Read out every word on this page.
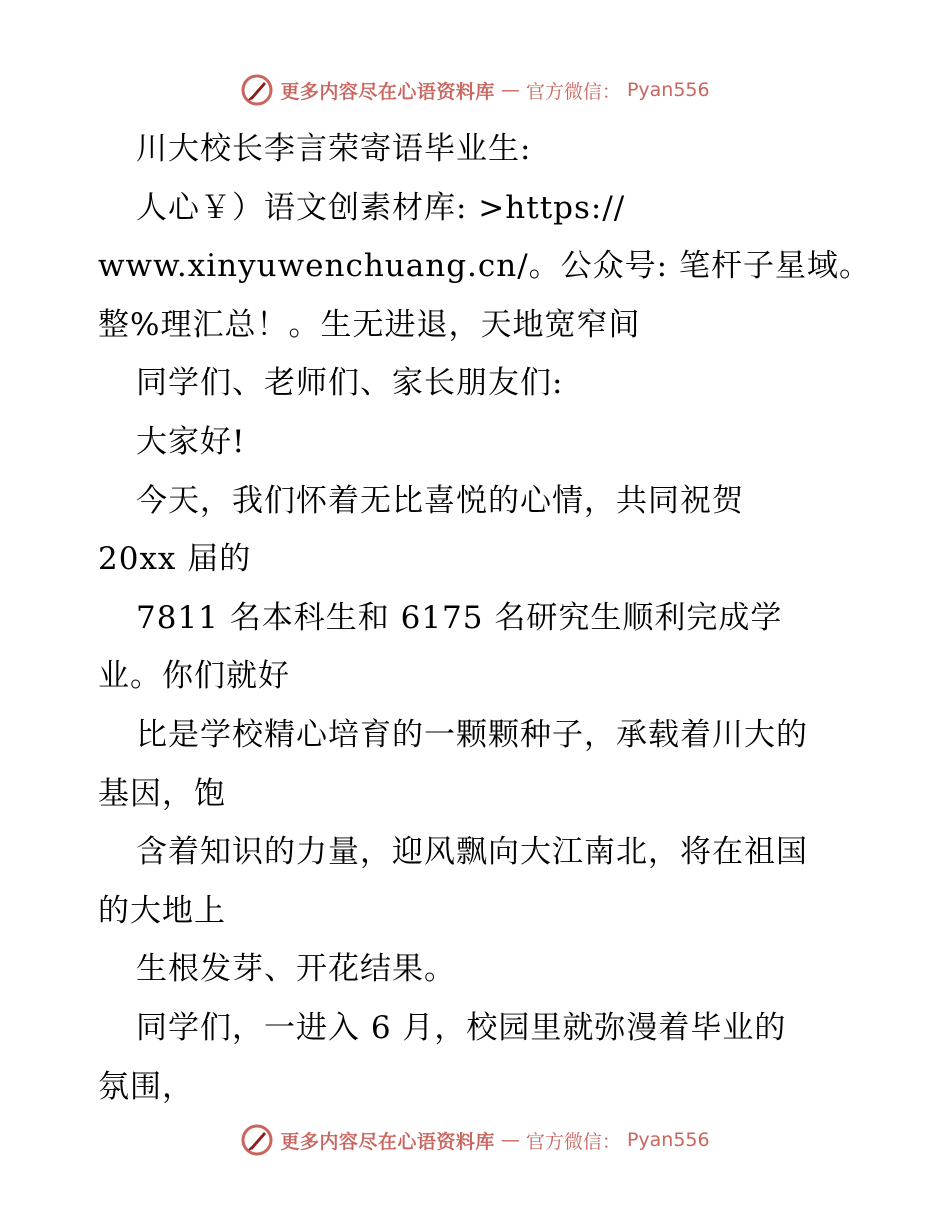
更多内容尽在心语资料库 — 官方微信： Pyan556
川大校长李言荣寄语毕业生:
人心￥）语文创素材库: >https://
www.xinyuwenchuang.cn/。公众号: 笔杆子星域。
整%理汇总！。生无进退，天地宽窄间
同学们、老师们、家长朋友们:
大家好!
今天，我们怀着无比喜悦的心情，共同祝贺
20xx 届的
7811 名本科生和 6175 名研究生顺利完成学
业。你们就好
比是学校精心培育的一颗颗种子，承载着川大的
基因，饱
含着知识的力量，迎风飘向大江南北，将在祖国
的大地上
生根发芽、开花结果。
同学们，一进入 6 月，校园里就弥漫着毕业的
氛围，
更多内容尽在心语资料库 — 官方微信： Pyan556
